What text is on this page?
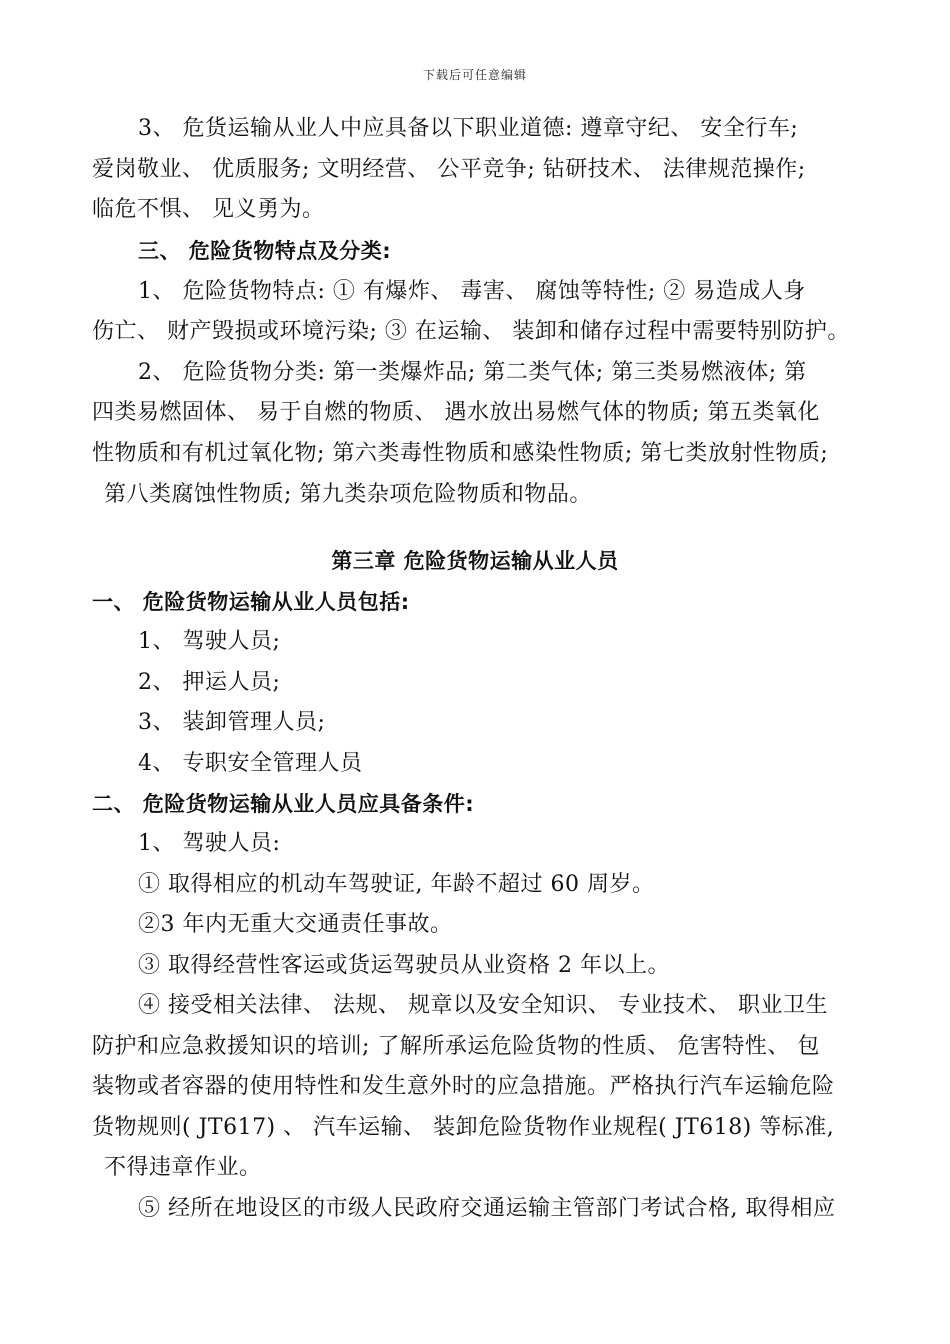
下载后可任意编辑
3、 危货运输从业人中应具备以下职业道德: 遵章守纪、 安全行车;
爱岗敬业、 优质服务; 文明经营、 公平竞争; 钻研技术、 法律规范操作;
临危不惧、 见义勇为。
三、 危险货物特点及分类:
1、 危险货物特点: ① 有爆炸、 毒害、 腐蚀等特性; ② 易造成人身
伤亡、 财产毁损或环境污染; ③ 在运输、 装卸和储存过程中需要特别防护。
2、 危险货物分类: 第一类爆炸品; 第二类气体; 第三类易燃液体; 第
四类易燃固体、 易于自燃的物质、 遇水放出易燃气体的物质; 第五类氧化
性物质和有机过氧化物; 第六类毒性物质和感染性物质; 第七类放射性物质;
第八类腐蚀性物质; 第九类杂项危险物质和物品。
第三章 危险货物运输从业人员
一、 危险货物运输从业人员包括:
1、 驾驶人员;
2、 押运人员;
3、 装卸管理人员;
4、 专职安全管理人员
二、 危险货物运输从业人员应具备条件:
1、 驾驶人员:
① 取得相应的机动车驾驶证, 年龄不超过 60 周岁。
②3 年内无重大交通责任事故。
③ 取得经营性客运或货运驾驶员从业资格 2 年以上。
④ 接受相关法律、 法规、 规章以及安全知识、 专业技术、 职业卫生
防护和应急救援知识的培训; 了解所承运危险货物的性质、 危害特性、 包
装物或者容器的使用特性和发生意外时的应急措施。严格执行汽车运输危险
货物规则( JT617) 、 汽车运输、 装卸危险货物作业规程( JT618) 等标准,
不得违章作业。
⑤ 经所在地设区的市级人民政府交通运输主管部门考试合格, 取得相应
